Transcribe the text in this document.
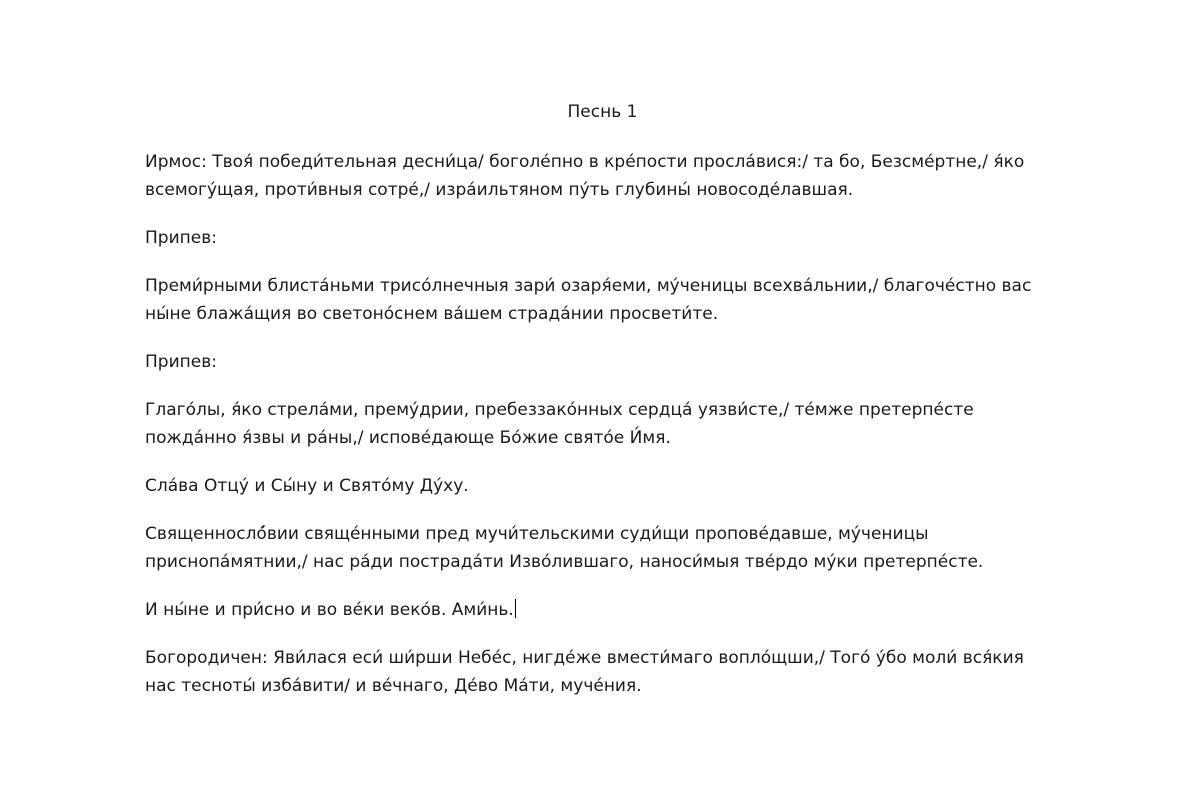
Песнь 1
Ирмос: Твоя́ победи́тельная десни́ца/ боголе́пно в кре́пости просла́вися:/ та бо, Безсме́ртне,/ я́ко
всемогу́щая, проти́вныя сотре́,/ изра́ильтяном пу́ть глубины́ новосоде́лавшая.
Припев:
Преми́рными блиста́ньми трисо́лнечныя зари́ озаря́еми, му́ченицы всехва́льнии,/ благоче́стно вас
ны́не блажа́щия во светоно́снем ва́шем страда́нии просвети́те.
Припев:
Глаго́лы, я́ко стрела́ми, прему́дрии, пребеззако́нных сердца́ уязви́сте,/ те́мже претерпе́сте
пожда́нно я́звы и ра́ны,/ испове́дающе Бо́жие свято́е И́мя.
Сла́ва Отцу́ и Сы́ну и Свято́му Ду́ху.
Священнослó́вии свяще́нными пред мучи́тельскими суди́щи пропове́давше, му́ченицы
приснопа́мятнии,/ нас ра́ди пострада́ти Изво́лившаго, наноси́мыя тве́рдо му́ки претерпе́сте.
И ны́не и при́сно и во ве́ки веко́в. Ами́нь.
Богородичен: Яви́лася еси́ ши́рши Небе́с, нигде́же вмести́маго вопло́щши,/ Того́ у́бо моли́ вся́кия
нас тесноты́ изба́вити/ и ве́чнаго, Де́во Ма́ти, муче́ния.
